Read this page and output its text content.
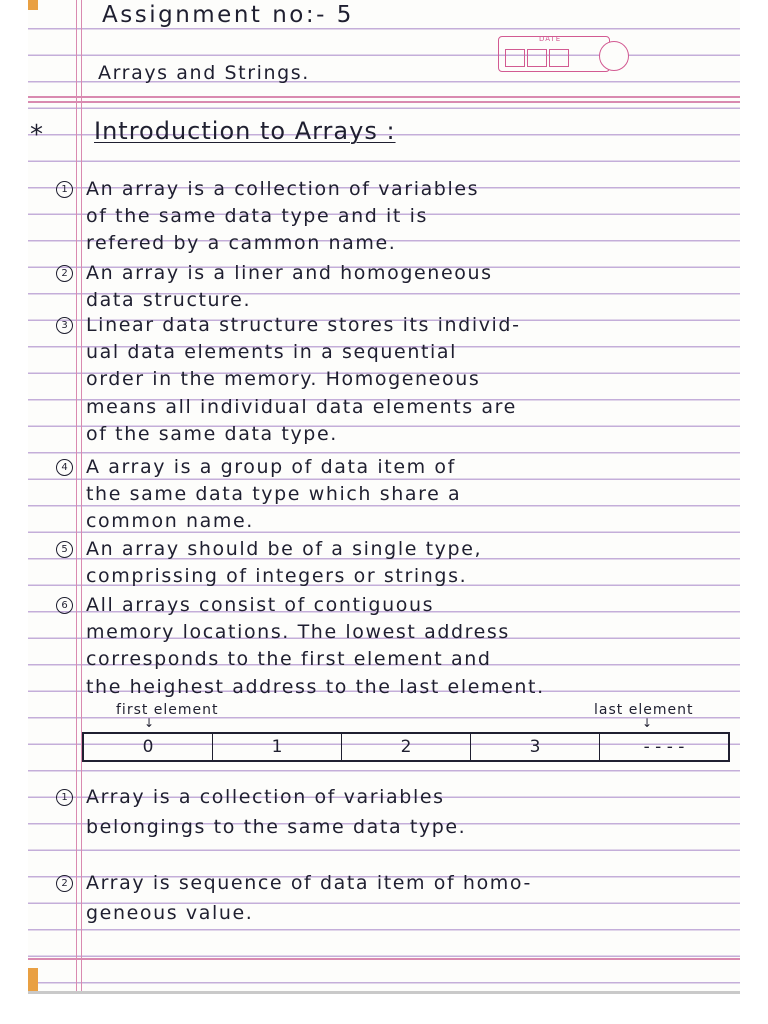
Assignment no:- 5
Arrays and Strings.
DATE
* Introduction to Arrays :
1 An array is a collection of variables
of the same data type and it is
refered by a cammon name.
2 An array is a liner and homogeneous
data structure.
3 Linear data structure stores its individ-
ual data elements in a sequential
order in the memory. Homogeneous
means all individual data elements are
of the same data type.
4 A array is a group of data item of
the same data type which share a
common name.
5 An array should be of a single type,
comprissing of integers or strings.
6 All arrays consist of contiguous
memory locations. The lowest address
corresponds to the first element and
the heighest address to the last element.
first element
↓
last element
↓
0	1	2	3	- - - -
1 Array is a collection of variables
belongings to the same data type.
2 Array is sequence of data item of homo-
geneous value.
